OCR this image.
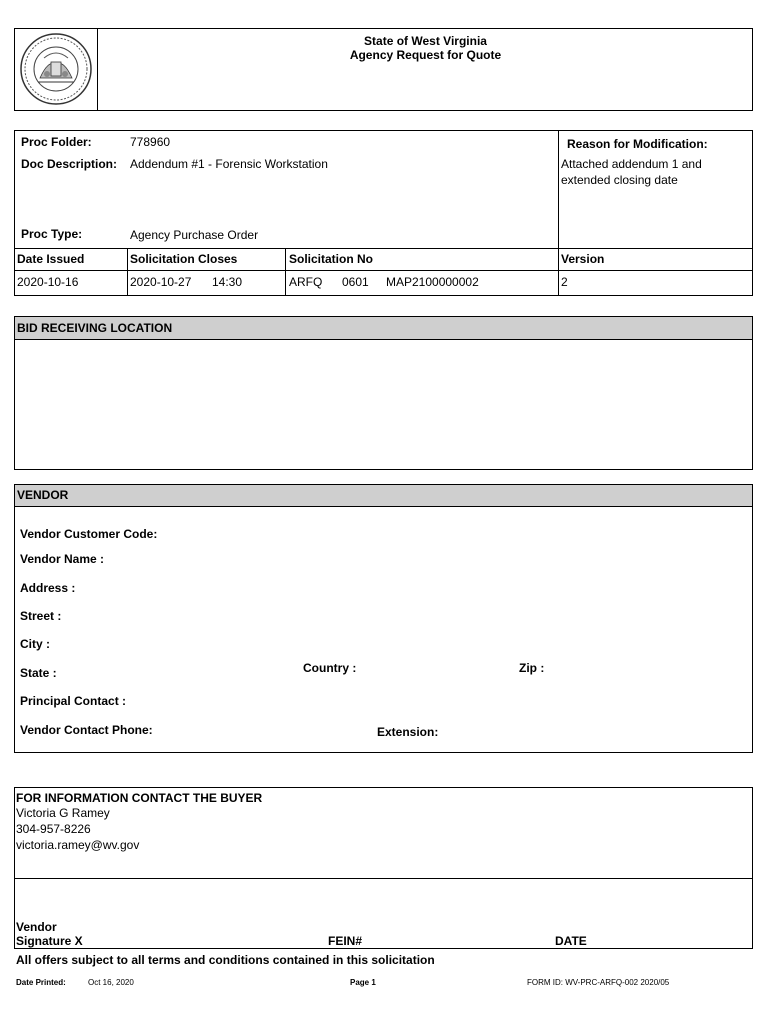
State of West Virginia
Agency Request for Quote
Proc Folder:	778960
Doc Description: Addendum #1 - Forensic Workstation
Proc Type:	Agency Purchase Order
Reason for Modification:
Attached addendum 1 and
extended closing date
Date Issued	Solicitation Closes	Solicitation No	Version
2020-10-16	2020-10-27 14:30	ARFQ 0601 MAP2100000002	2
BID RECEIVING LOCATION
VENDOR
Vendor Customer Code:
Vendor Name :
Address :
Street :
City :
State :	Country :	Zip :
Principal Contact :
Vendor Contact Phone:	Extension:
FOR INFORMATION CONTACT THE BUYER
Victoria G Ramey
304-957-8226
victoria.ramey@wv.gov
Vendor
Signature X	FEIN#	DATE
All offers subject to all terms and conditions contained in this solicitation
Date Printed:	Oct 16, 2020	Page 1	FORM ID: WV-PRC-ARFQ-002 2020/05
